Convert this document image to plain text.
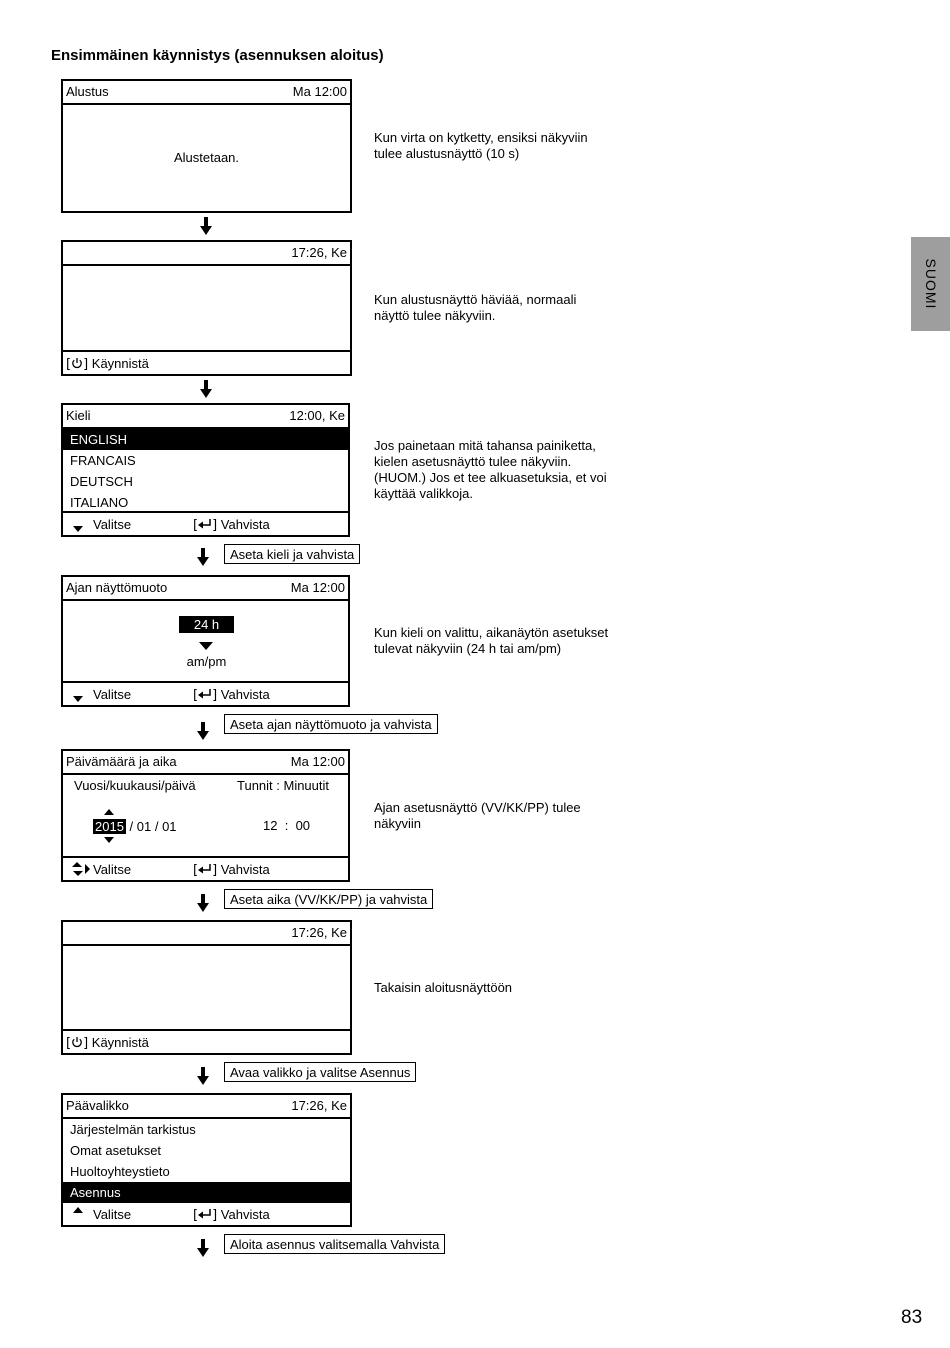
Ensimmäinen käynnistys (asennuksen aloitus)
SUOMI
Alustus	Ma 12:00
Alustetaan.
Kun virta on kytketty, ensiksi näkyviin
tulee alustusnäyttö (10 s)
17:26, Ke
[ ] Käynnistä
Kun alustusnäyttö häviää, normaali
näyttö tulee näkyviin.
Kieli	12:00, Ke
ENGLISH
FRANCAIS
DEUTSCH
ITALIANO
Valitse	[ ] Vahvista
Jos painetaan mitä tahansa painiketta,
kielen asetusnäyttö tulee näkyviin.
(HUOM.) Jos et tee alkuasetuksia, et voi
käyttää valikkoja.
Aseta kieli ja vahvista
Ajan näyttömuoto	Ma 12:00
24 h
am/pm
Valitse	[ ] Vahvista
Kun kieli on valittu, aikanäytön asetukset
tulevat näkyviin (24 h tai am/pm)
Aseta ajan näyttömuoto ja vahvista
Päivämäärä ja aika	Ma 12:00
Vuosi/kuukausi/päivä	Tunnit : Minuutit
2015 / 01 / 01	12 : 00
Valitse	[ ] Vahvista
Ajan asetusnäyttö (VV/KK/PP) tulee
näkyviin
Aseta aika (VV/KK/PP) ja vahvista
17:26, Ke
[ ] Käynnistä
Takaisin aloitusnäyttöön
Avaa valikko ja valitse Asennus
Päävalikko	17:26, Ke
Järjestelmän tarkistus
Omat asetukset
Huoltoyhteystieto
Asennus
Valitse	[ ] Vahvista
Aloita asennus valitsemalla Vahvista
83
